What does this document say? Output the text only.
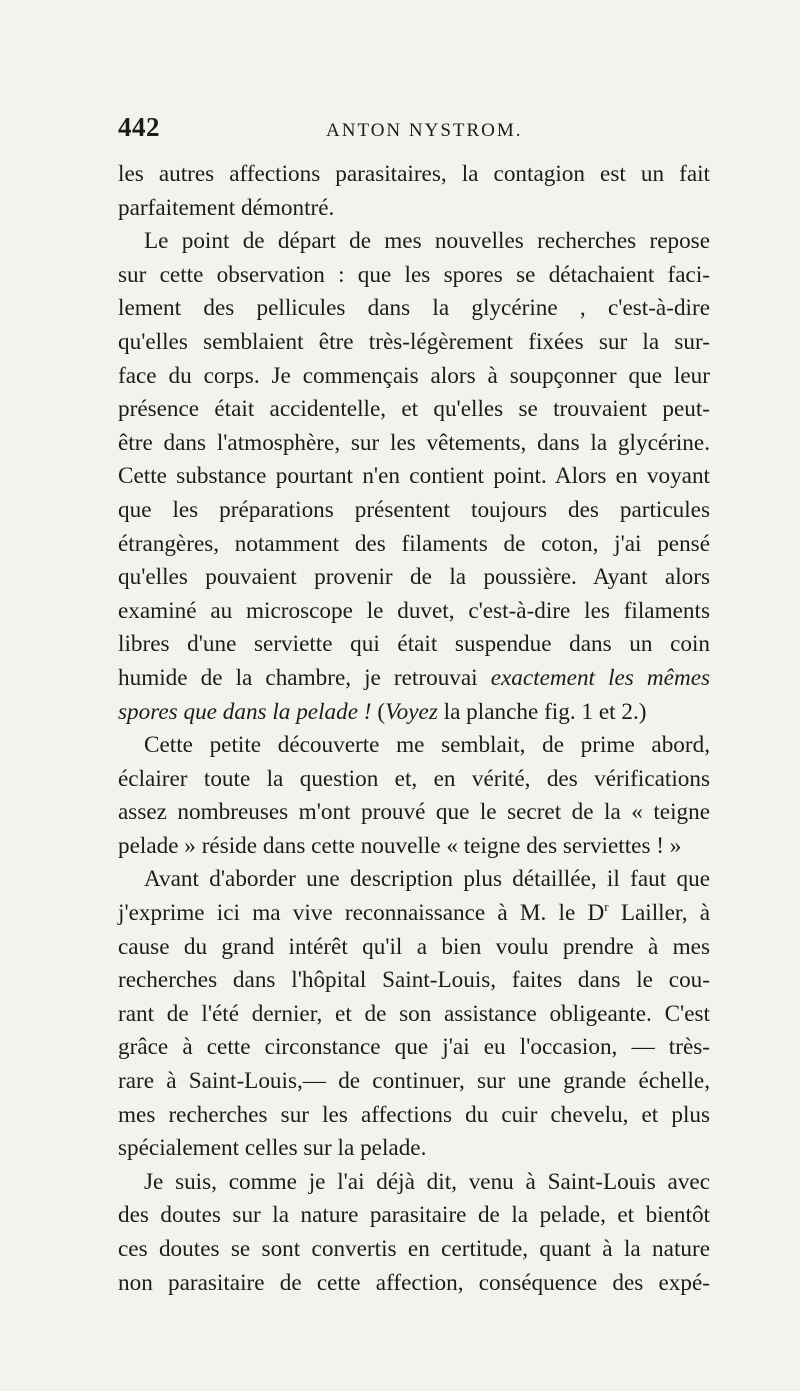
442	ANTON NYSTROM.
les autres affections parasitaires, la contagion est un fait
parfaitement démontré.
Le point de départ de mes nouvelles recherches repose
sur cette observation : que les spores se détachaient faci-
lement des pellicules dans la glycérine , c'est-à-dire
qu'elles semblaient être très-légèrement fixées sur la sur-
face du corps. Je commençais alors à soupçonner que leur
présence était accidentelle, et qu'elles se trouvaient peut-
être dans l'atmosphère, sur les vêtements, dans la glycérine.
Cette substance pourtant n'en contient point. Alors en voyant
que les préparations présentent toujours des particules
étrangères, notamment des filaments de coton, j'ai pensé
qu'elles pouvaient provenir de la poussière. Ayant alors
examiné au microscope le duvet, c'est-à-dire les filaments
libres d'une serviette qui était suspendue dans un coin
humide de la chambre, je retrouvai exactement les mêmes
spores que dans la pelade ! (Voyez la planche fig. 1 et 2.)
Cette petite découverte me semblait, de prime abord,
éclairer toute la question et, en vérité, des vérifications
assez nombreuses m'ont prouvé que le secret de la « teigne
pelade » réside dans cette nouvelle « teigne des serviettes ! »
Avant d'aborder une description plus détaillée, il faut que
j'exprime ici ma vive reconnaissance à M. le $D^r$ Lailler, à
cause du grand intérêt qu'il a bien voulu prendre à mes
recherches dans l'hôpital Saint-Louis, faites dans le cou-
rant de l'été dernier, et de son assistance obligeante. C'est
grâce à cette circonstance que j'ai eu l'occasion, — très-
rare à Saint-Louis,— de continuer, sur une grande échelle,
mes recherches sur les affections du cuir chevelu, et plus
spécialement celles sur la pelade.
Je suis, comme je l'ai déjà dit, venu à Saint-Louis avec
des doutes sur la nature parasitaire de la pelade, et bientôt
ces doutes se sont convertis en certitude, quant à la nature
non parasitaire de cette affection, conséquence des expé-
